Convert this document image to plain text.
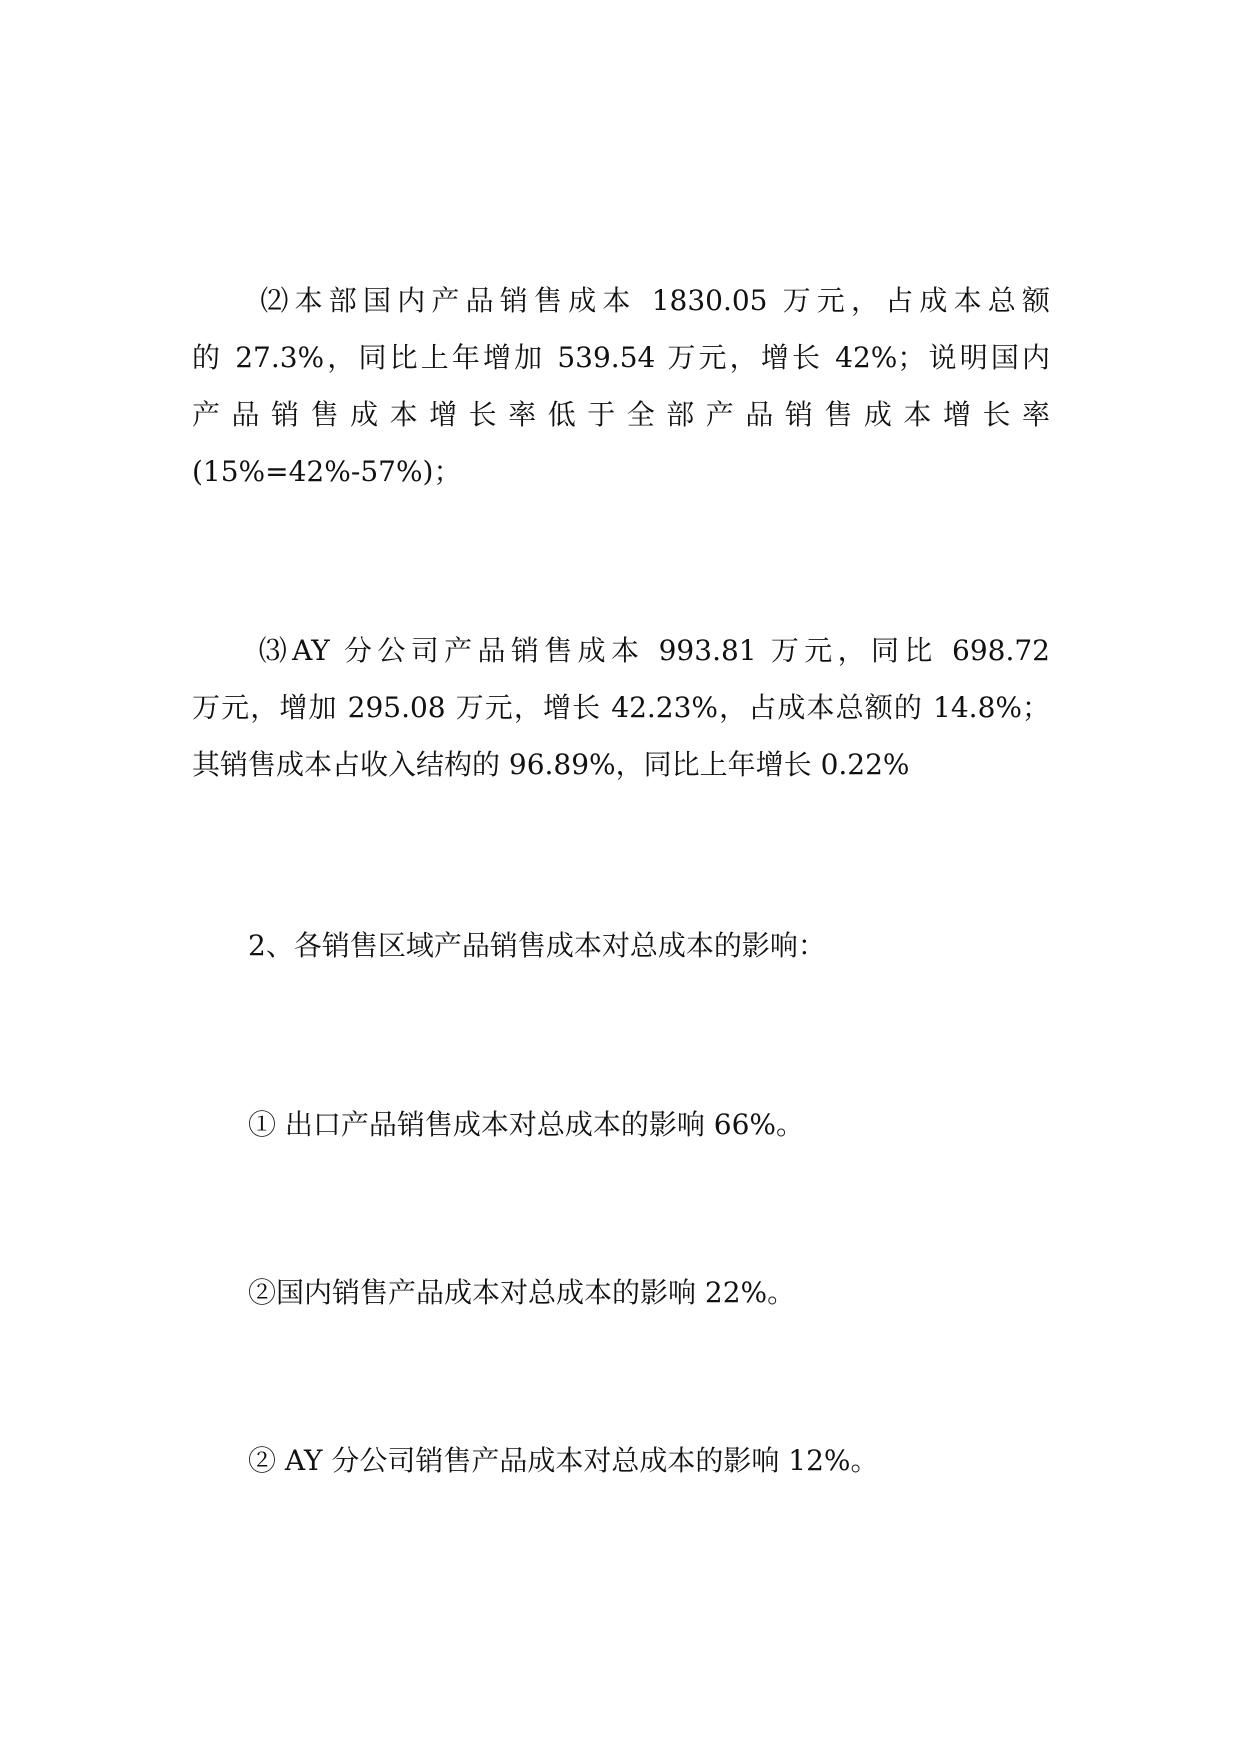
　　⑵本部国内产品销售成本 1830.05 万元，占成本总额
的 27.3%，同比上年增加 539.54 万元，增长 42%；说明国内
产品销售成本增长率低于全部产品销售成本增长率
(15%=42%-57%)；

　　⑶AY 分公司产品销售成本 993.81 万元，同比 698.72
万元，增加 295.08 万元，增长 42.23%，占成本总额的 14.8%；
其销售成本占收入结构的 96.89%，同比上年增长 0.22%

　　2、各销售区域产品销售成本对总成本的影响：

　　① 出口产品销售成本对总成本的影响 66%。

　　②国内销售产品成本对总成本的影响 22%。

　　② AY 分公司销售产品成本对总成本的影响 12%。
